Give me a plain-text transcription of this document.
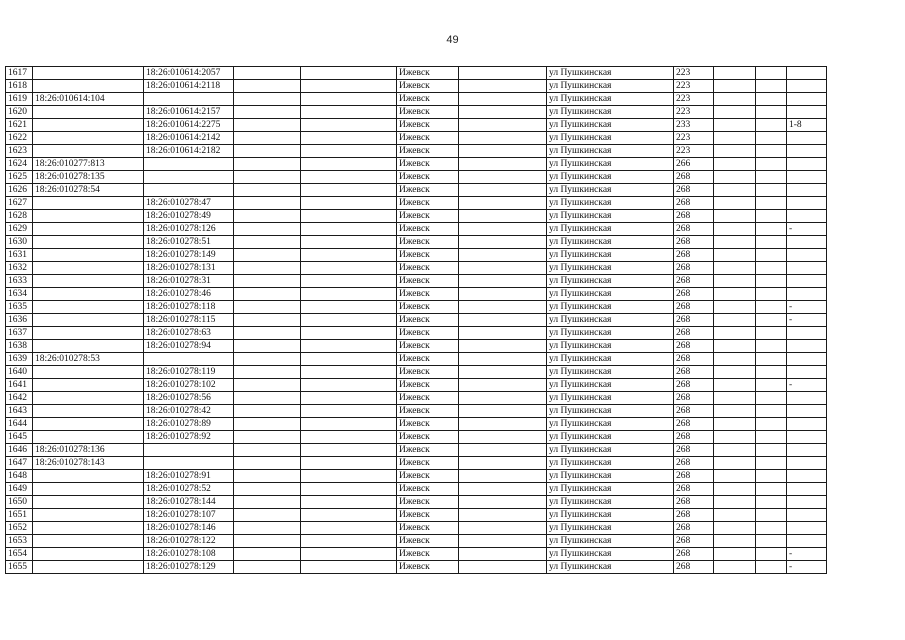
49
1617		18:26:010614:2057			Ижевск		ул Пушкинская	223			
1618		18:26:010614:2118			Ижевск		ул Пушкинская	223			
1619	18:26:010614:104				Ижевск		ул Пушкинская	223			
1620		18:26:010614:2157			Ижевск		ул Пушкинская	223			
1621		18:26:010614:2275			Ижевск		ул Пушкинская	233			1-8
1622		18:26:010614:2142			Ижевск		ул Пушкинская	223			
1623		18:26:010614:2182			Ижевск		ул Пушкинская	223			
1624	18:26:010277:813				Ижевск		ул Пушкинская	266			
1625	18:26:010278:135				Ижевск		ул Пушкинская	268			
1626	18:26:010278:54				Ижевск		ул Пушкинская	268			
1627		18:26:010278:47			Ижевск		ул Пушкинская	268			
1628		18:26:010278:49			Ижевск		ул Пушкинская	268			
1629		18:26:010278:126			Ижевск		ул Пушкинская	268			-
1630		18:26:010278:51			Ижевск		ул Пушкинская	268			
1631		18:26:010278:149			Ижевск		ул Пушкинская	268			
1632		18:26:010278:131			Ижевск		ул Пушкинская	268			
1633		18:26:010278:31			Ижевск		ул Пушкинская	268			
1634		18:26:010278:46			Ижевск		ул Пушкинская	268			
1635		18:26:010278:118			Ижевск		ул Пушкинская	268			-
1636		18:26:010278:115			Ижевск		ул Пушкинская	268			-
1637		18:26:010278:63			Ижевск		ул Пушкинская	268			
1638		18:26:010278:94			Ижевск		ул Пушкинская	268			
1639	18:26:010278:53				Ижевск		ул Пушкинская	268			
1640		18:26:010278:119			Ижевск		ул Пушкинская	268			
1641		18:26:010278:102			Ижевск		ул Пушкинская	268			-
1642		18:26:010278:56			Ижевск		ул Пушкинская	268			
1643		18:26:010278:42			Ижевск		ул Пушкинская	268			
1644		18:26:010278:89			Ижевск		ул Пушкинская	268			
1645		18:26:010278:92			Ижевск		ул Пушкинская	268			
1646	18:26:010278:136				Ижевск		ул Пушкинская	268			
1647	18:26:010278:143				Ижевск		ул Пушкинская	268			
1648		18:26:010278:91			Ижевск		ул Пушкинская	268			
1649		18:26:010278:52			Ижевск		ул Пушкинская	268			
1650		18:26:010278:144			Ижевск		ул Пушкинская	268			
1651		18:26:010278:107			Ижевск		ул Пушкинская	268			
1652		18:26:010278:146			Ижевск		ул Пушкинская	268			
1653		18:26:010278:122			Ижевск		ул Пушкинская	268			
1654		18:26:010278:108			Ижевск		ул Пушкинская	268			-
1655		18:26:010278:129			Ижевск		ул Пушкинская	268			-
